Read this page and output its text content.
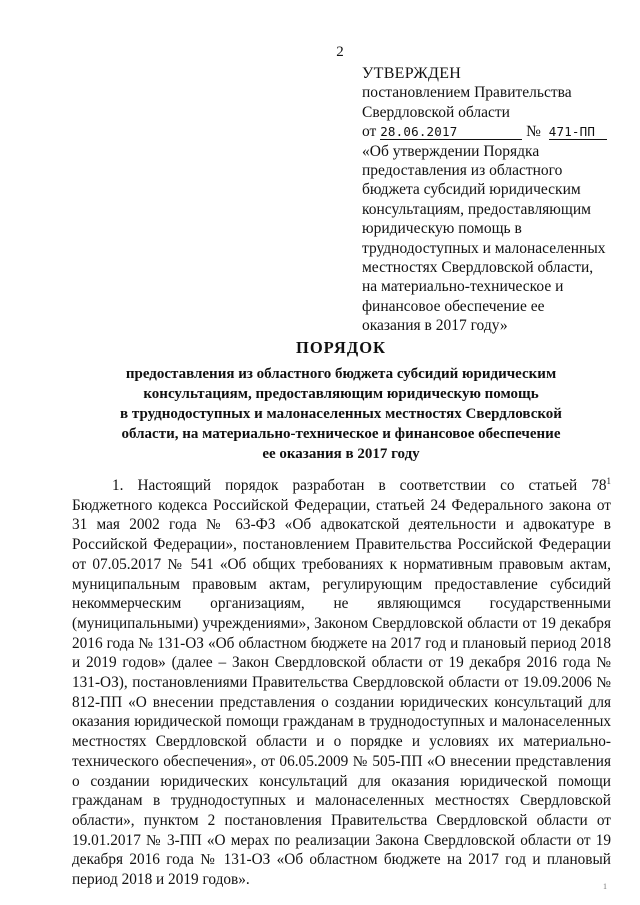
2
УТВЕРЖДЕН
постановлением Правительства
Свердловской области
от 28.06.2017	№ 471-ПП
«Об утверждении Порядка
предоставления из областного
бюджета субсидий юридическим
консультациям, предоставляющим
юридическую помощь в
труднодоступных и малонаселенных
местностях Свердловской области,
на материально-техническое и
финансовое обеспечение ее
оказания в 2017 году»
ПОРЯДОК
предоставления из областного бюджета субсидий юридическим
консультациям, предоставляющим юридическую помощь
в труднодоступных и малонаселенных местностях Свердловской
области, на материально-техническое и финансовое обеспечение
ее оказания в 2017 году

1. Настоящий порядок разработан в соответствии со статьей $78^1$ Бюджетного кодекса Российской Федерации, статьей 24 Федерального закона от 31 мая 2002 года № 63-ФЗ «Об адвокатской деятельности и адвокатуре в Российской Федерации», постановлением Правительства Российской Федерации от 07.05.2017 № 541 «Об общих требованиях к нормативным правовым актам, муниципальным правовым актам, регулирующим предоставление субсидий некоммерческим организациям, не являющимся государственными (муниципальными) учреждениями», Законом Свердловской области от 19 декабря 2016 года № 131-ОЗ «Об областном бюджете на 2017 год и плановый период 2018 и 2019 годов» (далее – Закон Свердловской области от 19 декабря 2016 года № 131-ОЗ), постановлениями Правительства Свердловской области от 19.09.2006 № 812-ПП «О внесении представления о создании юридических консультаций для оказания юридической помощи гражданам в труднодоступных и малонаселенных местностях Свердловской области и о порядке и условиях их материально-технического обеспечения», от 06.05.2009 № 505-ПП «О внесении представления о создании юридических консультаций для оказания юридической помощи гражданам в труднодоступных и малонаселенных местностях Свердловской области», пунктом 2 постановления Правительства Свердловской области от 19.01.2017 № 3-ПП «О мерах по реализации Закона Свердловской области от 19 декабря 2016 года № 131-ОЗ «Об областном бюджете на 2017 год и плановый период 2018 и 2019 годов».	1
